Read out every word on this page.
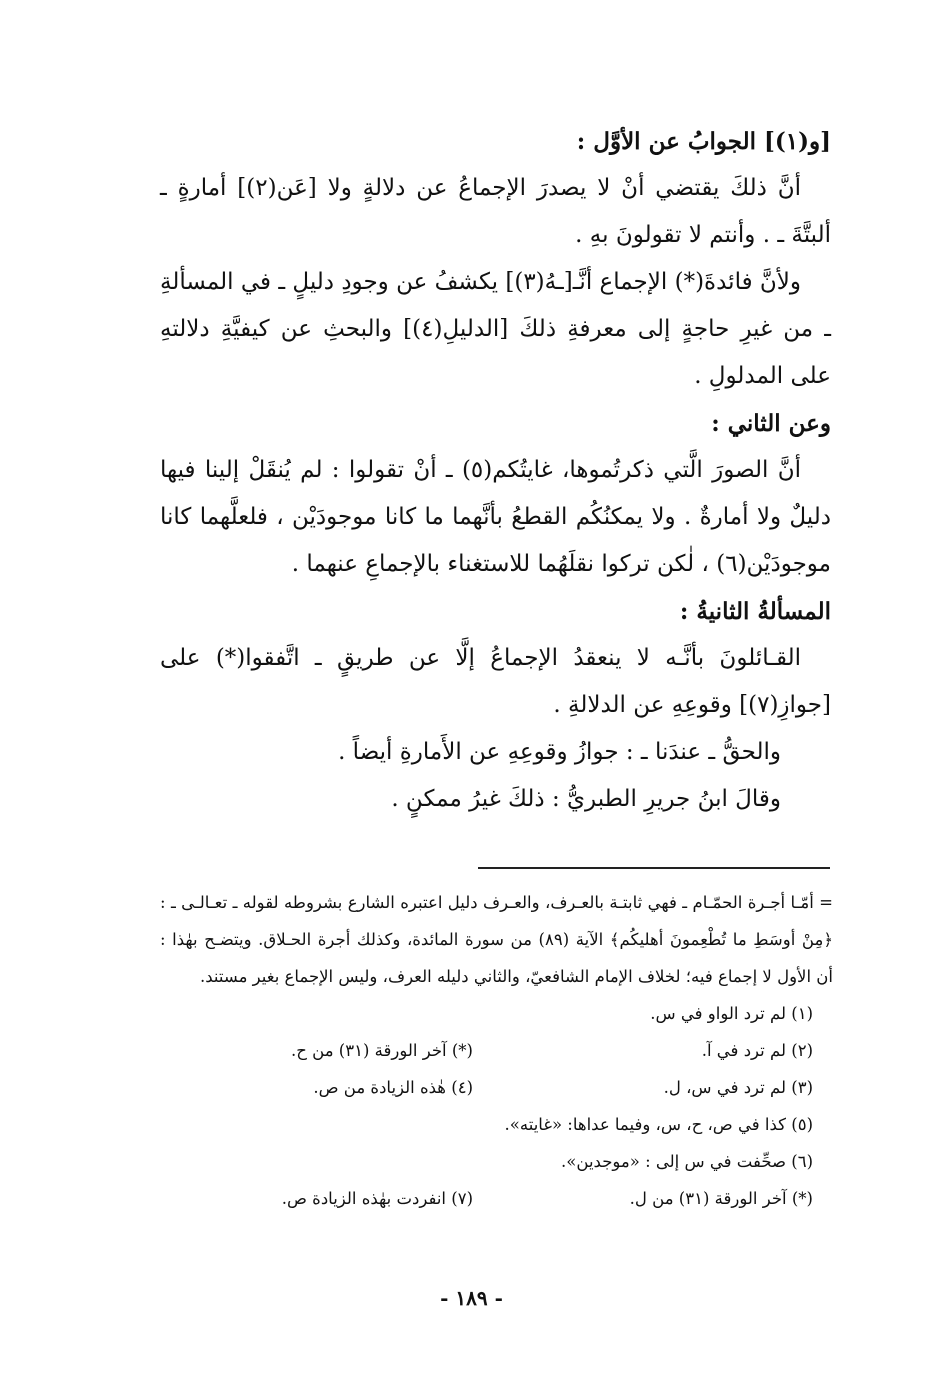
[و(١)] الجوابُ عن الأوَّل :

أنَّ ذلكَ يقتضي أنْ لا يصدرَ الإجماعُ عن دلالةٍ ولا [عَن(٢)] أمارةٍ ـ ألبتَّةَ ـ . وأنتم لا تقولونَ بهِ .

ولأنَّ فائدةَ(*) الإجماع أنَّـ[ـهُ(٣)] يكشفُ عن وجودِ دليلٍ ـ في المسألةِ ـ من غيرِ حاجةٍ إلى معرفةِ ذلكَ [الدليلِ(٤)] والبحثِ عن كيفيَّةِ دلالتهِ على المدلولِ .

وعن الثاني :

أنَّ الصورَ الَّتي ذكرتُموها، غايتُكم(٥) ـ أنْ تقولوا : لم يُنقَلْ إلينا فيها دليلٌ ولا أمارةٌ . ولا يمكنُكُم القطعُ بأنَّهما ما كانا موجودَيْن ، فلعلَّهما كانا موجودَيْن(٦) ، لٰكن تركوا نقلَهُما للاستغناء بالإجماعِ عنهما .

المسألةُ الثانيةُ :

القـائلونَ بأنَّـه لا ينعقدُ الإجماعُ إلَّا عن طريقٍ ـ اتَّفقوا(*) على [جوازِ(٧)] وقوعِهِ عن الدلالةِ .

والحقُّ ـ عندَنا ـ : جوازُ وقوعِهِ عن الأَمارةِ أيضاً .

وقالَ ابنُ جريرِ الطبريُّ : ذلكَ غيرُ ممكنٍ .

= أمّـا أجـرة الحمّـام ـ فهي ثابتـة بالعـرف، والعـرف دليل اعتبره الشارع بشروطه لقوله ـ تعـالـى ـ : ﴿مِنْ أوسَطِ ما تُطْعِمونَ أهليكُم﴾ الآية (٨٩) من سورة المائدة، وكذلك أجرة الحـلاق. ويتضـح بهٰذا : أن الأول لا إجماع فيه؛ لخلاف الإمام الشافعيّ، والثاني دليله العرف، وليس الإجماع بغير مستند.

(١) لم ترد الواو في س.

(٢) لم ترد في آ.
(*) آخر الورقة (٣١) من ح.
(٣) لم ترد في س، ل.
(٤) هٰذه الزيادة من ص.

(٥) كذا في ص، ح، س، وفيما عداها: «غايته».

(٦) صحِّفت في س إلى : «موجدين».

(*) آخر الورقة (٣١) من ل.
(٧) انفردت بهٰذه الزيادة ص.
- ١٨٩ -
